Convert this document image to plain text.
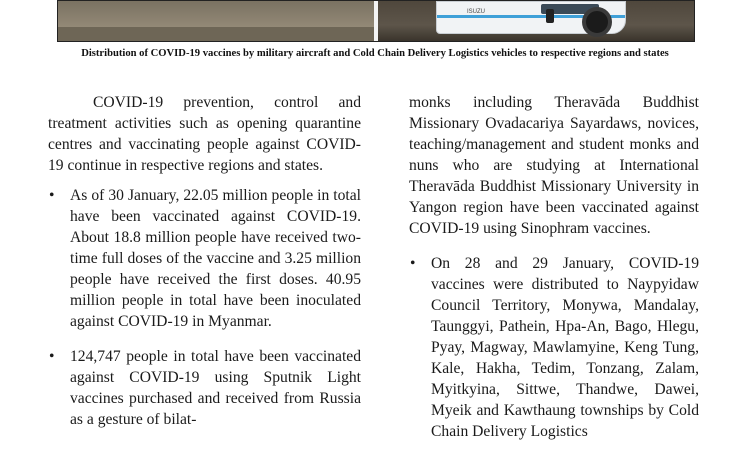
ISUZU
Distribution of COVID-19 vaccines by military aircraft and Cold Chain Delivery Logistics vehicles to respective regions and states

COVID-19 prevention, control and treatment activities such as opening quarantine centres and vaccinating people against COVID-19 continue in respective regions and states.

• As of 30 January, 22.05 million people in total have been vaccinated against COVID-19. About 18.8 million people have received two-time full doses of the vaccine and 3.25 million people have received the first doses. 40.95 million people in total have been inoculated against COVID-19 in Myanmar.
• 124,747 people in total have been vaccinated against COVID-19 using Sputnik Light vaccines purchased and received from Russia as a gesture of bilat-

monks including Theravāda Buddhist Missionary Ovadacariya Sayardaws, novices, teaching/management and student monks and nuns who are studying at International Theravāda Buddhist Missionary University in Yangon region have been vaccinated against COVID-19 using Sinophram vaccines.

• On 28 and 29 January, COVID-19 vaccines were distributed to Naypyidaw Council Territory, Monywa, Mandalay, Taunggyi, Pathein, Hpa-An, Bago, Hlegu, Pyay, Magway, Mawlamyine, Keng Tung, Kale, Hakha, Tedim, Tonzang, Zalam, Myitkyina, Sittwe, Thandwe, Dawei, Myeik and Kawthaung townships by Cold Chain Delivery Logistics
